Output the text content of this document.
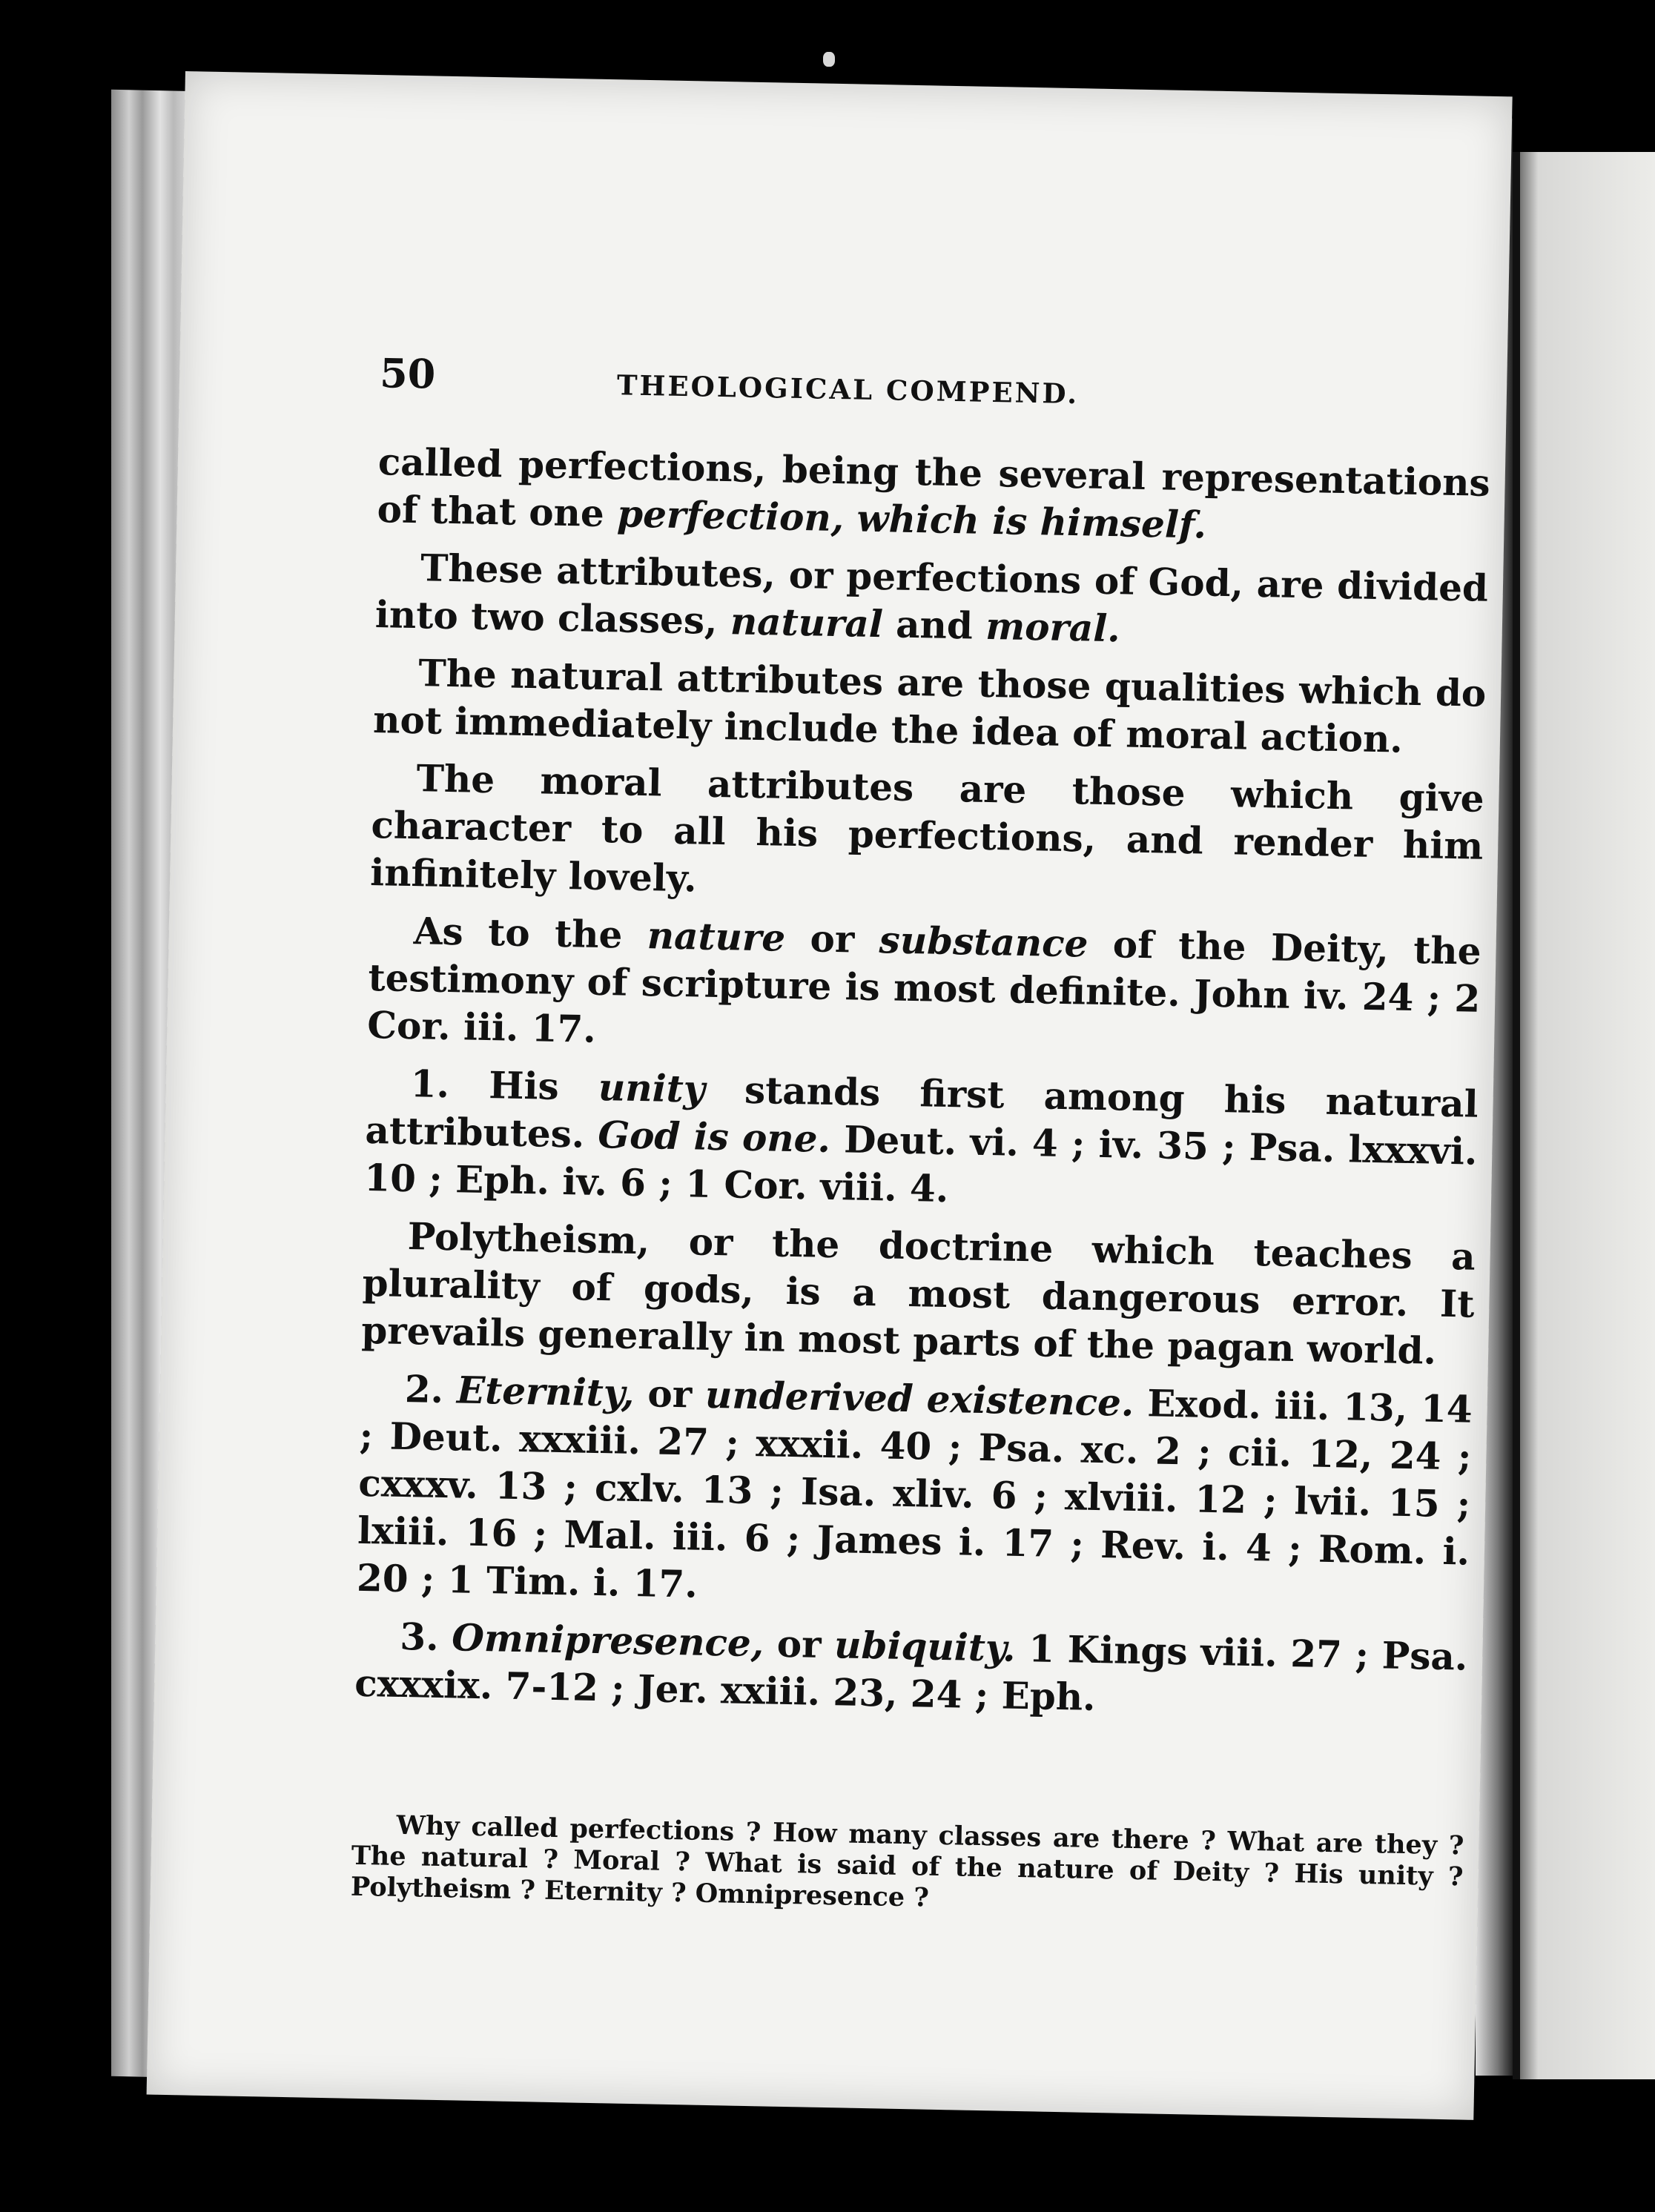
50	THEOLOGICAL COMPEND.

called perfections, being the several representations of that one perfection, which is himself.

These attributes, or perfections of God, are divided into two classes, natural and moral.

The natural attributes are those qualities which do not immediately include the idea of moral action.

The moral attributes are those which give character to all his perfections, and render him infinitely lovely.

As to the nature or substance of the Deity, the testimony of scripture is most definite. John iv. 24 ; 2 Cor. iii. 17.

1. His unity stands first among his natural attributes. God is one. Deut. vi. 4 ; iv. 35 ; Psa. lxxxvi. 10 ; Eph. iv. 6 ; 1 Cor. viii. 4.

Polytheism, or the doctrine which teaches a plurality of gods, is a most dangerous error. It prevails generally in most parts of the pagan world.

2. Eternity, or underived existence. Exod. iii. 13, 14 ; Deut. xxxiii. 27 ; xxxii. 40 ; Psa. xc. 2 ; cii. 12, 24 ; cxxxv. 13 ; cxlv. 13 ; Isa. xliv. 6 ; xlviii. 12 ; lvii. 15 ; lxiii. 16 ; Mal. iii. 6 ; James i. 17 ; Rev. i. 4 ; Rom. i. 20 ; 1 Tim. i. 17.

3. Omnipresence, or ubiquity. 1 Kings viii. 27 ; Psa. cxxxix. 7-12 ; Jer. xxiii. 23, 24 ; Eph.

Why called perfections ? How many classes are there ? What are they ? The natural ? Moral ? What is said of the nature of Deity ? His unity ? Polytheism ? Eternity ? Omnipresence ?
